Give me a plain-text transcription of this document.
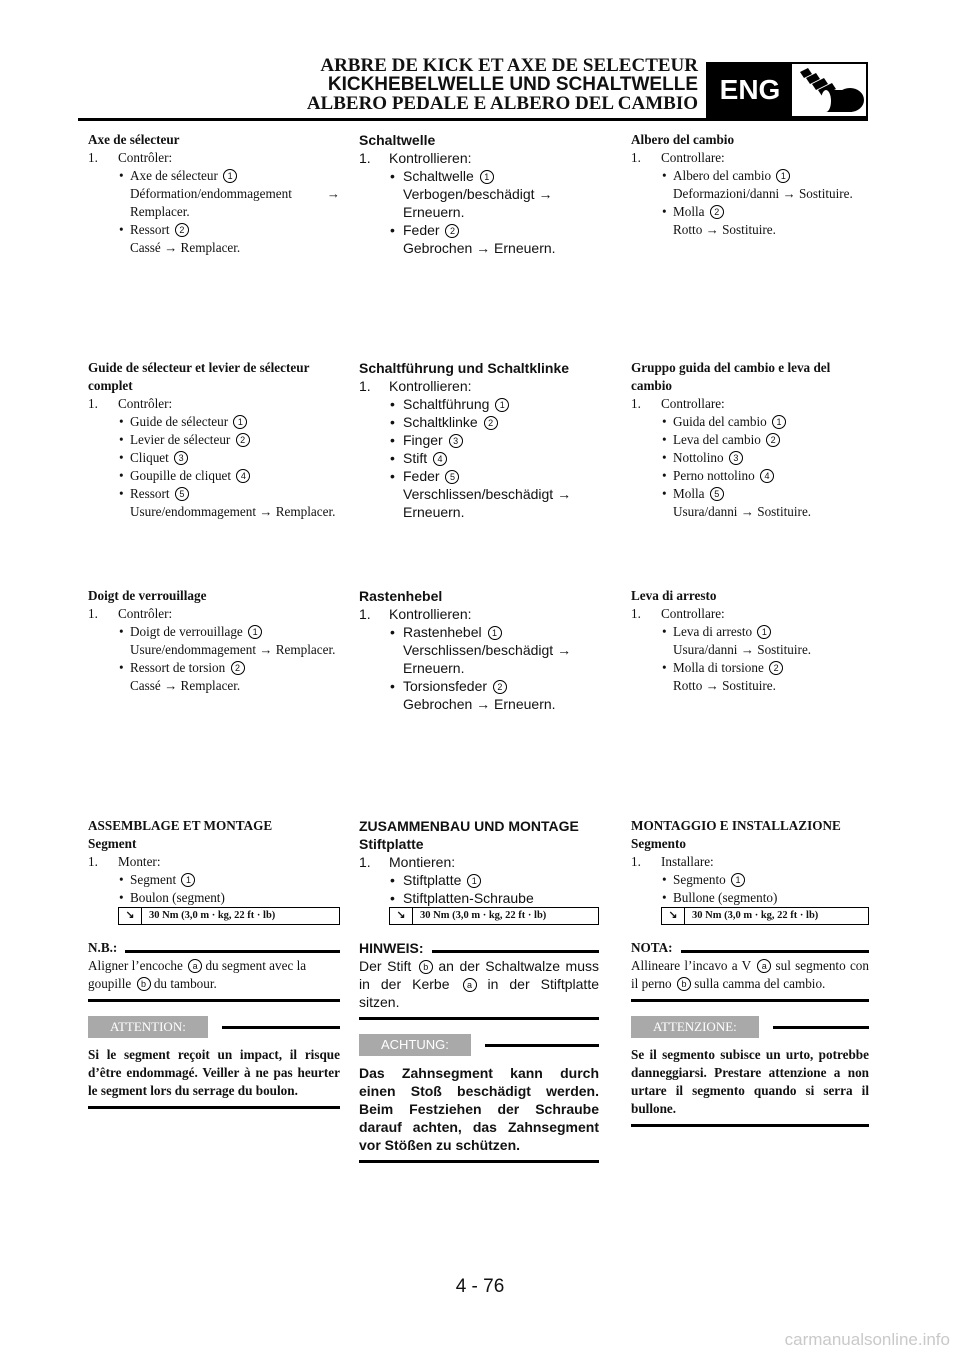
ARBRE DE KICK ET AXE DE SELECTEUR
KICKHEBELWELLE UND SCHALTWELLE
ALBERO PEDALE E ALBERO DEL CAMBIO ENG
Axe de sélecteur
1. Contrôler:
• Axe de sélecteur 1
Déformation/endommagement → Remplacer.
• Ressort 2
Cassé → Remplacer.
Guide de sélecteur et levier de sélecteur complet
1. Contrôler:
• Guide de sélecteur 1
• Levier de sélecteur 2
• Cliquet 3
• Goupille de cliquet 4
• Ressort 5
Usure/endommagement → Remplacer.
Doigt de verrouillage
1. Contrôler:
• Doigt de verrouillage 1
Usure/endommagement → Remplacer.
• Ressort de torsion 2
Cassé → Remplacer.
ASSEMBLAGE ET MONTAGE
Segment
1. Monter:
• Segment 1
• Boulon (segment)
↘	30 Nm (3,0 m · kg, 22 ft · lb)
N.B.:
Aligner l’encoche a du segment avec la goupille b du tambour.
ATTENTION:
Si le segment reçoit un impact, il risque d’être endommagé. Veiller à ne pas heurter le segment lors du serrage du boulon.
Schaltwelle
1. Kontrollieren:
• Schaltwelle 1
Verbogen/beschädigt → Erneuern.
• Feder 2
Gebrochen → Erneuern.
Schaltführung und Schaltklinke
1. Kontrollieren:
• Schaltführung 1
• Schaltklinke 2
• Finger 3
• Stift 4
• Feder 5
Verschlissen/beschädigt → Erneuern.
Rastenhebel
1. Kontrollieren:
• Rastenhebel 1
Verschlissen/beschädigt → Erneuern.
• Torsionsfeder 2
Gebrochen → Erneuern.
ZUSAMMENBAU UND MONTAGE
Stiftplatte
1. Montieren:
• Stiftplatte 1
• Stiftplatten-Schraube
↘	30 Nm (3,0 m · kg, 22 ft · lb)
HINWEIS:
Der Stift b an der Schaltwalze muss in der Kerbe a in der Stiftplatte sitzen.
ACHTUNG:
Das Zahnsegment kann durch einen Stoß beschädigt werden. Beim Festziehen der Schraube darauf achten, das Zahnsegment vor Stößen zu schützen.
Albero del cambio
1. Controllare:
• Albero del cambio 1
Deformazioni/danni → Sostituire.
• Molla 2
Rotto → Sostituire.
Gruppo guida del cambio e leva del cambio
1. Controllare:
• Guida del cambio 1
• Leva del cambio 2
• Nottolino 3
• Perno nottolino 4
• Molla 5
Usura/danni → Sostituire.
Leva di arresto
1. Controllare:
• Leva di arresto 1
Usura/danni → Sostituire.
• Molla di torsione 2
Rotto → Sostituire.
MONTAGGIO E INSTALLAZIONE
Segmento
1. Installare:
• Segmento 1
• Bullone (segmento)
↘	30 Nm (3,0 m · kg, 22 ft · lb)
NOTA:
Allineare l’incavo a V a sul segmento con il perno b sulla camma del cambio.
ATTENZIONE:
Se il segmento subisce un urto, potrebbe danneggiarsi. Prestare attenzione a non urtare il segmento quando si serra il bullone.
4 - 76
carmanualsonline.info
